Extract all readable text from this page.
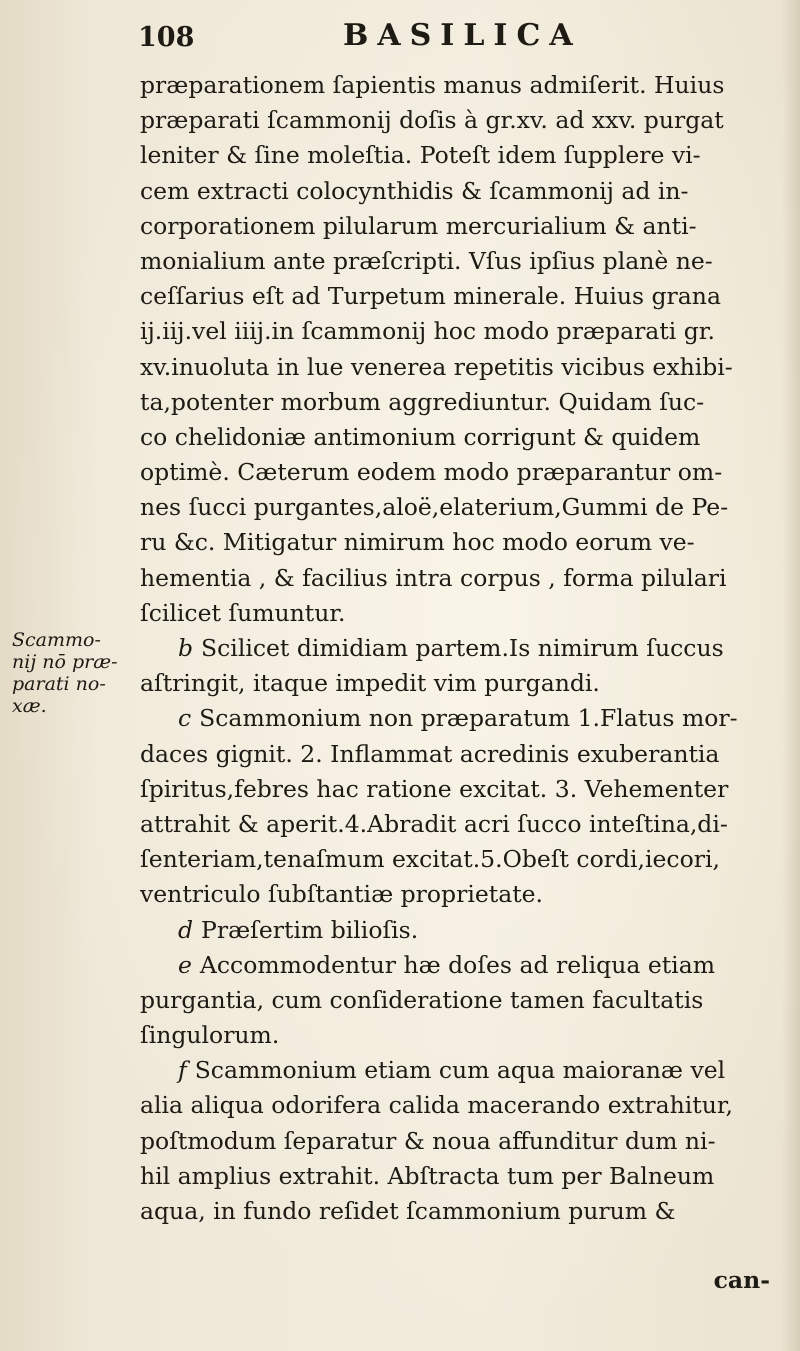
108	BASILICA
Scammo-
nij nō præ-
parati no-
xæ.
præparationem ſapientis manus admiſerit. Huius
præparati ſcammonij doſis à gr.xv. ad xxv. purgat
leniter & ſine moleſtia. Poteſt idem ſupplere vi-
cem extracti colocynthidis & ſcammonij ad in-
corporationem pilularum mercurialium & anti-
monialium ante præſcripti. Vſus ipſius planè ne-
ceſſarius eſt ad Turpetum minerale. Huius grana
ij.iij.vel iiij.in ſcammonij hoc modo præparati gr.
xv.inuoluta in lue venerea repetitis vicibus exhibi-
ta,potenter morbum aggrediuntur. Quidam ſuc-
co chelidoniæ antimonium corrigunt & quidem
optimè. Cæterum eodem modo præparantur om-
nes ſucci purgantes,aloë,elaterium,Gummi de Pe-
ru &c. Mitigatur nimirum hoc modo eorum ve-
hementia , & facilius intra corpus , forma pilulari
ſcilicet ſumuntur.
b Scilicet dimidiam partem.Is nimirum ſuccus
aſtringit, itaque impedit vim purgandi.
c Scammonium non præparatum 1.Flatus mor-
daces gignit. 2. Inflammat acredinis exuberantia
ſpiritus,febres hac ratione excitat. 3. Vehementer
attrahit & aperit.4.Abradit acri ſucco inteſtina,di-
ſenteriam,tenaſmum excitat.5.Obeſt cordi,iecori,
ventriculo ſubſtantiæ proprietate.
d Præſertim bilioſis.
e Accommodentur hæ doſes ad reliqua etiam
purgantia, cum conſideratione tamen facultatis
ſingulorum.
f Scammonium etiam cum aqua maioranæ vel
alia aliqua odorifera calida macerando extrahitur,
poſtmodum ſeparatur & noua affunditur dum ni-
hil amplius extrahit. Abſtracta tum per Balneum
aqua, in fundo reſidet ſcammonium purum &
can-
